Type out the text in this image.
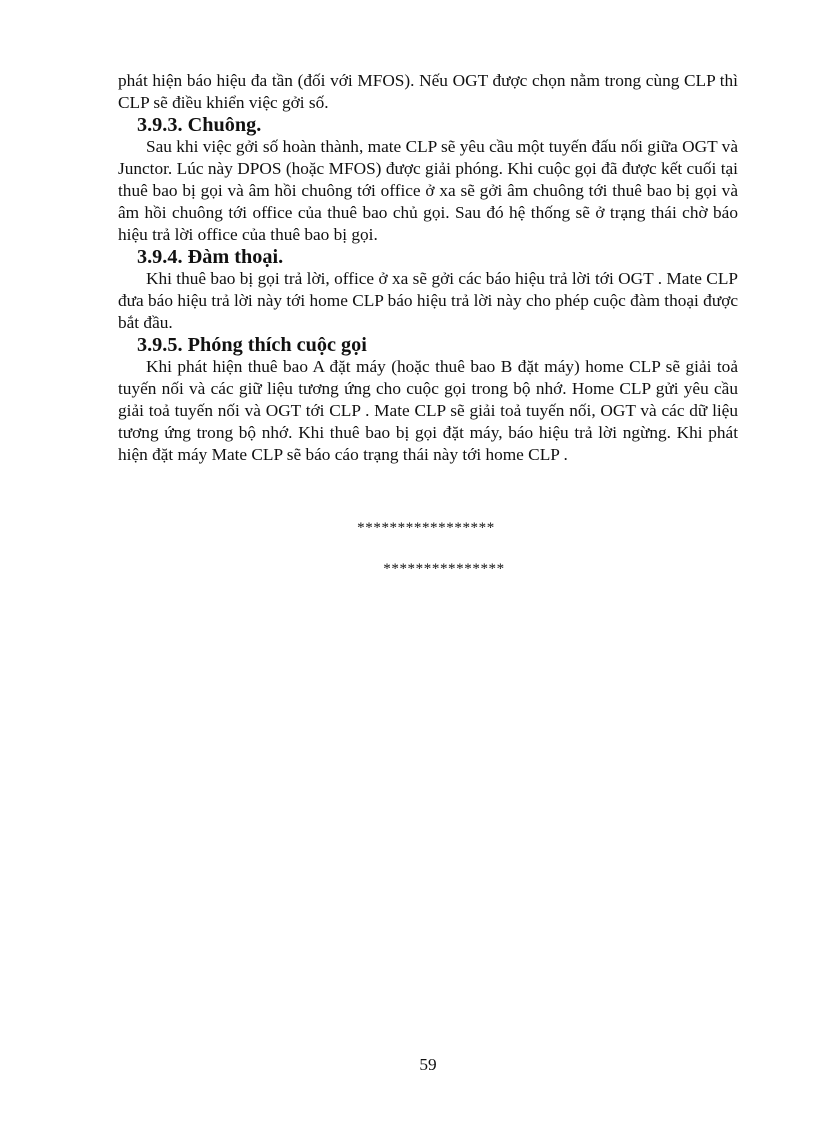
phát hiện báo hiệu đa tần (đối với MFOS). Nếu OGT được chọn nằm trong cùng CLP thì CLP sẽ điều khiển việc gởi số.

3.9.3. Chuông.

Sau khi việc gởi số hoàn thành, mate CLP sẽ yêu cầu một tuyến đấu nối giữa OGT và Junctor. Lúc này DPOS (hoặc MFOS) được giải phóng. Khi cuộc gọi đã được kết cuối tại thuê bao bị gọi và âm hồi chuông tới office ở xa sẽ gởi âm chuông tới thuê bao bị gọi và âm hồi chuông tới office của thuê bao chủ gọi. Sau đó hệ thống sẽ ở trạng thái chờ báo hiệu trả lời office của thuê bao bị gọi.

3.9.4. Đàm thoại.

Khi thuê bao bị gọi trả lời, office ở xa sẽ gởi các báo hiệu trả lời tới OGT . Mate CLP đưa báo hiệu trả lời này tới home CLP báo hiệu trả lời này cho phép cuộc đàm thoại được bắt đầu.

3.9.5. Phóng thích cuộc gọi

Khi phát hiện thuê bao A đặt máy (hoặc thuê bao B đặt máy) home CLP sẽ giải toả tuyến nối và các giữ liệu tương ứng cho cuộc gọi trong bộ nhớ. Home CLP gửi yêu cầu giải toả tuyến nối và OGT tới CLP . Mate CLP sẽ giải toả tuyến nối, OGT và các dữ liệu tương ứng trong bộ nhớ. Khi thuê bao bị gọi đặt máy, báo hiệu trả lời ngừng. Khi phát hiện đặt máy Mate CLP sẽ báo cáo trạng thái này tới home CLP .

*****************
***************
59
